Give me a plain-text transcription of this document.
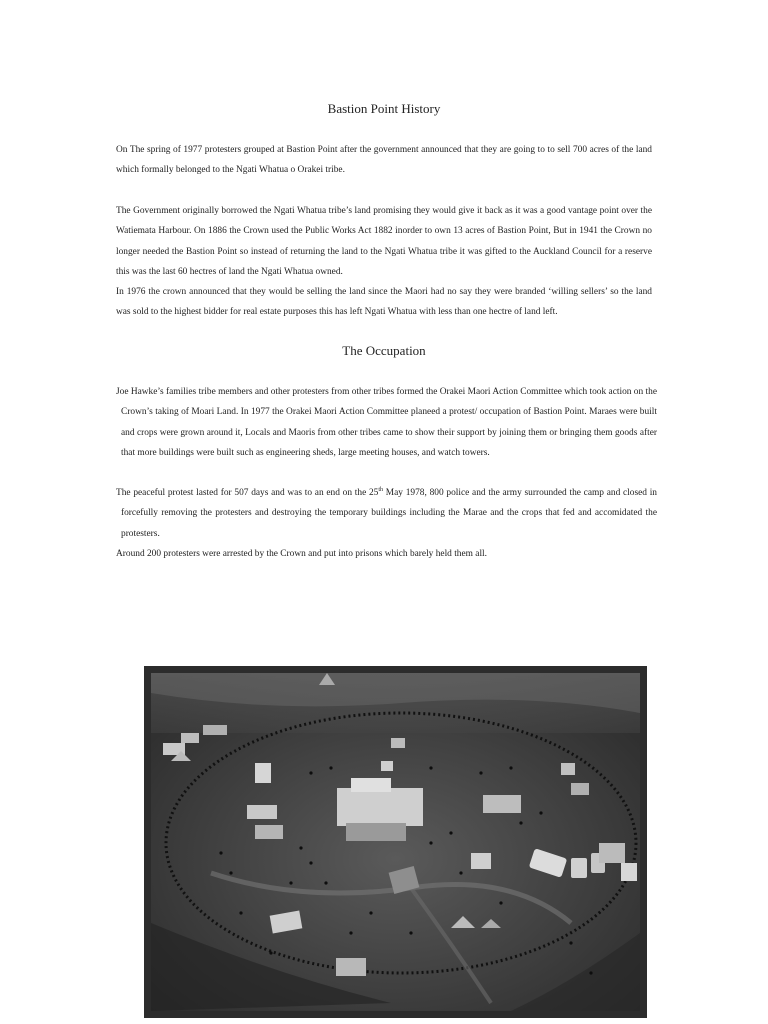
Bastion Point History

On The spring of 1977 protesters grouped at Bastion Point after the government announced that they are going to to sell 700 acres of the land which formally belonged to the Ngati Whatua o Orakei tribe.

The Government originally borrowed the Ngati Whatua tribe’s land promising they would give it back as it was a good vantage point over the Watiemata Harbour. On 1886 the Crown used the Public Works Act 1882 inorder to own 13 acres of Bastion Point, But in 1941 the Crown no longer needed the Bastion Point so instead of returning the land to the Ngati Whatua tribe it was gifted to the Auckland Council for a reserve this was the last 60 hectres of land the Ngati Whatua owned.

In 1976 the crown announced that they would be selling the land since the Maori had no say they were branded ‘willing sellers’ so the land was sold to the highest bidder for real estate purposes this has left Ngati Whatua with less than one hectre of land left.

The Occupation

Joe Hawke’s families tribe members and other protesters from other tribes formed the Orakei Maori Action Committee which took action on the Crown’s taking of Moari Land. In 1977 the Orakei Maori Action Committee planeed a protest/ occupation of Bastion Point. Maraes were built and crops were grown around it, Locals and Maoris from other tribes came to show their support by joining them or bringing them goods after that more buildings were built such as engineering sheds, large meeting houses, and watch towers.

The peaceful protest lasted for 507 days and was to an end on the 25th May 1978, 800 police and the army surrounded the camp and closed in forcefully removing the protesters and destroying the temporary buildings including the Marae and the crops that fed and accomidated the protesters.

Around 200 protesters were arrested by the Crown and put into prisons which barely held them all.
